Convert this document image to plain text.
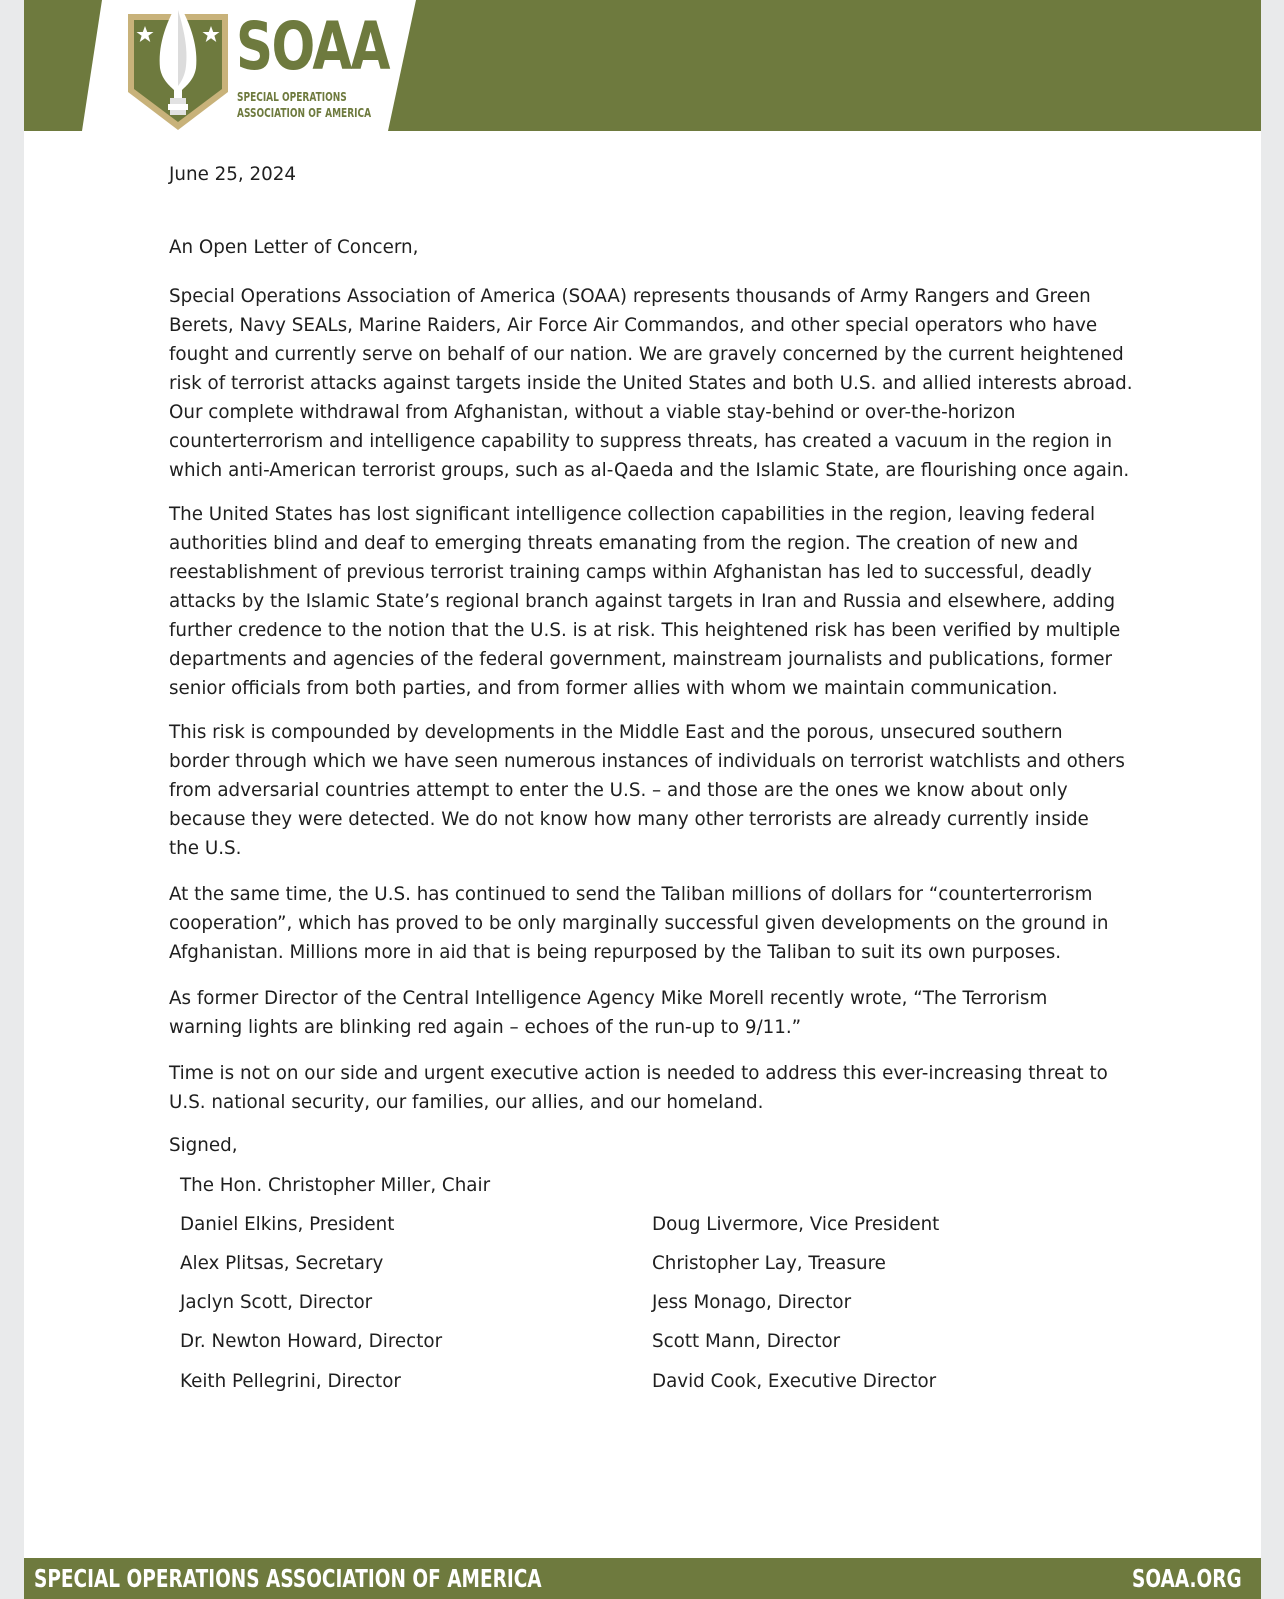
SOAA
SPECIAL OPERATIONS
ASSOCIATION OF AMERICA
June 25, 2024
An Open Letter of Concern,
Special Operations Association of America (SOAA) represents thousands of Army Rangers and Green
Berets, Navy SEALs, Marine Raiders, Air Force Air Commandos, and other special operators who have
fought and currently serve on behalf of our nation. We are gravely concerned by the current heightened
risk of terrorist attacks against targets inside the United States and both U.S. and allied interests abroad.
Our complete withdrawal from Afghanistan, without a viable stay-behind or over-the-horizon
counterterrorism and intelligence capability to suppress threats, has created a vacuum in the region in
which anti-American terrorist groups, such as al-Qaeda and the Islamic State, are flourishing once again.
The United States has lost significant intelligence collection capabilities in the region, leaving federal
authorities blind and deaf to emerging threats emanating from the region. The creation of new and
reestablishment of previous terrorist training camps within Afghanistan has led to successful, deadly
attacks by the Islamic State’s regional branch against targets in Iran and Russia and elsewhere, adding
further credence to the notion that the U.S. is at risk. This heightened risk has been verified by multiple
departments and agencies of the federal government, mainstream journalists and publications, former
senior officials from both parties, and from former allies with whom we maintain communication.
This risk is compounded by developments in the Middle East and the porous, unsecured southern
border through which we have seen numerous instances of individuals on terrorist watchlists and others
from adversarial countries attempt to enter the U.S. – and those are the ones we know about only
because they were detected. We do not know how many other terrorists are already currently inside
the U.S.
At the same time, the U.S. has continued to send the Taliban millions of dollars for “counterterrorism
cooperation”, which has proved to be only marginally successful given developments on the ground in
Afghanistan. Millions more in aid that is being repurposed by the Taliban to suit its own purposes.
As former Director of the Central Intelligence Agency Mike Morell recently wrote, “The Terrorism
warning lights are blinking red again – echoes of the run-up to 9/11.”
Time is not on our side and urgent executive action is needed to address this ever-increasing threat to
U.S. national security, our families, our allies, and our homeland.
Signed,
The Hon. Christopher Miller, Chair
Daniel Elkins, President
Alex Plitsas, Secretary
Jaclyn Scott, Director
Dr. Newton Howard, Director
Keith Pellegrini, Director
Doug Livermore, Vice President
Christopher Lay, Treasure
Jess Monago, Director
Scott Mann, Director
David Cook, Executive Director
SPECIAL OPERATIONS ASSOCIATION OF AMERICA	SOAA.ORG
